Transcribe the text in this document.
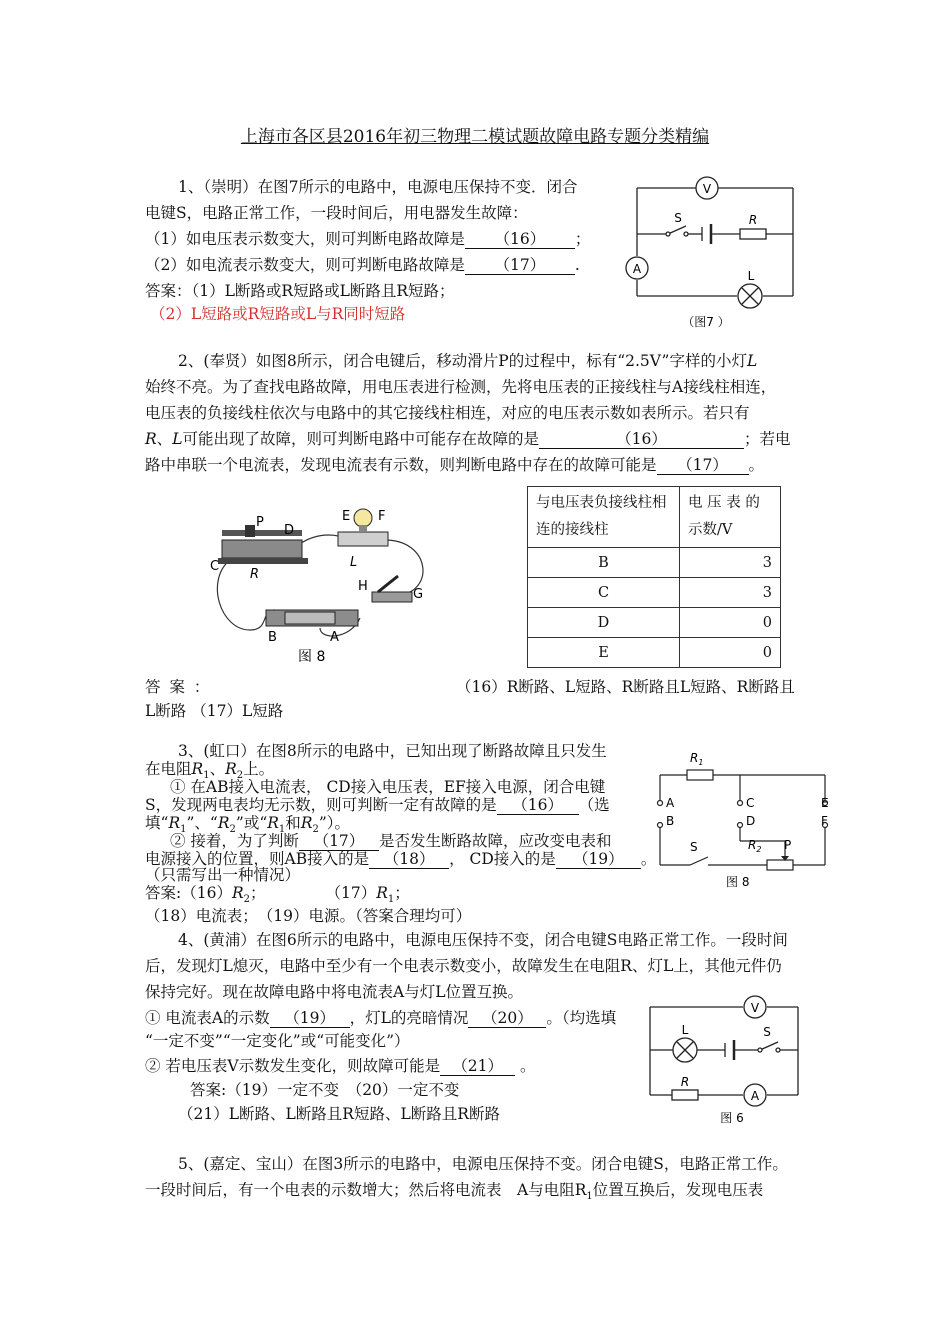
上海市各区县2016年初三物理二模试题故障电路专题分类精编
1、（崇明）在图7所示的电路中，电源电压保持不变．闭合
电键S，电路正常工作，一段时间后，用电器发生故障：
（1）如电压表示数变大，则可判断电路故障是 （16） ；
（2）如电流表示数变大，则可判断电路故障是 （17） .
答案：（1）L断路或R短路或L断路且R短路；
（2）L短路或R短路或L与R同时短路
V
A
S	R
L
（图7 ）
2、(奉贤）如图8所示，闭合电键后，移动滑片P的过程中，标有“2.5V”字样的小灯L
始终不亮。为了查找电路故障，用电压表进行检测，先将电压表的正接线柱与A接线柱相连，
电压表的负接线柱依次与电路中的其它接线柱相连，对应的电压表示数如表所示。若只有
R、L可能出现了故障，则可判断电路中可能存在故障的是	（16）	；若电
路中串联一个电流表，发现电流表有示数，则判断电路中存在的故障可能是 （17） 。
P
D
E F
C
R
L
H
G
B	A
图 8
与电压表负接线柱相连的接线柱	电 压 表 的示数/V
B	3
C	3
D	0
E	0
答 案 ：	（16）R断路、L短路、R断路且L短路、R断路且
L断路 （17）L短路
3、(虹口）在图8所示的电路中，已知出现了断路故障且只发生
在电阻$R_1$、$R_2$上。
① 在AB接入电流表， CD接入电压表，EF接入电源，闭合电键
S，发现两电表均无示数，则可判断一定有故障的是 （16） （选
填“$R_1$”、“$R_2$”或“$R_1$和$R_2$”）。
② 接着，为了判断 （17） 是否发生断路故障，应改变电表和
电源接入的位置，则AB接入的是 （18） ， CD接入的是 （19） 。
（只需写出一种情况）
答案$:(16)R_2$；	$(17)R_1$；
（18）电流表；　（19）电源。（答案合理均可）
$R_1$
A
B
C
D
E
F
S	$R_2$ P
图 8
4、(黄浦）在图6所示的电路中，电源电压保持不变，闭合电键S电路正常工作。一段时间
后，发现灯L熄灭，电路中至少有一个电表示数变小，故障发生在电阻R、灯L上，其他元件仍
保持完好。现在故障电路中将电流表A与灯L位置互换。
① 电流表A的示数 （19） ，灯L的亮暗情况 （20） 。（均选填
“一定不变”“一定变化”或“可能变化”）
② 若电压表V示数发生变化，则故障可能是 （21） 。
答案:（19）一定不变　（20）一定不变
（21）L断路、L断路且R短路、L断路且R断路
V
L	S
R
A
图 6
5、(嘉定、宝山）在图3所示的电路中，电源电压保持不变。闭合电键S，电路正常工作。
一段时间后，有一个电表的示数增大；然后将电流表　A与电阻$R_1$位置互换后，发现电压表
